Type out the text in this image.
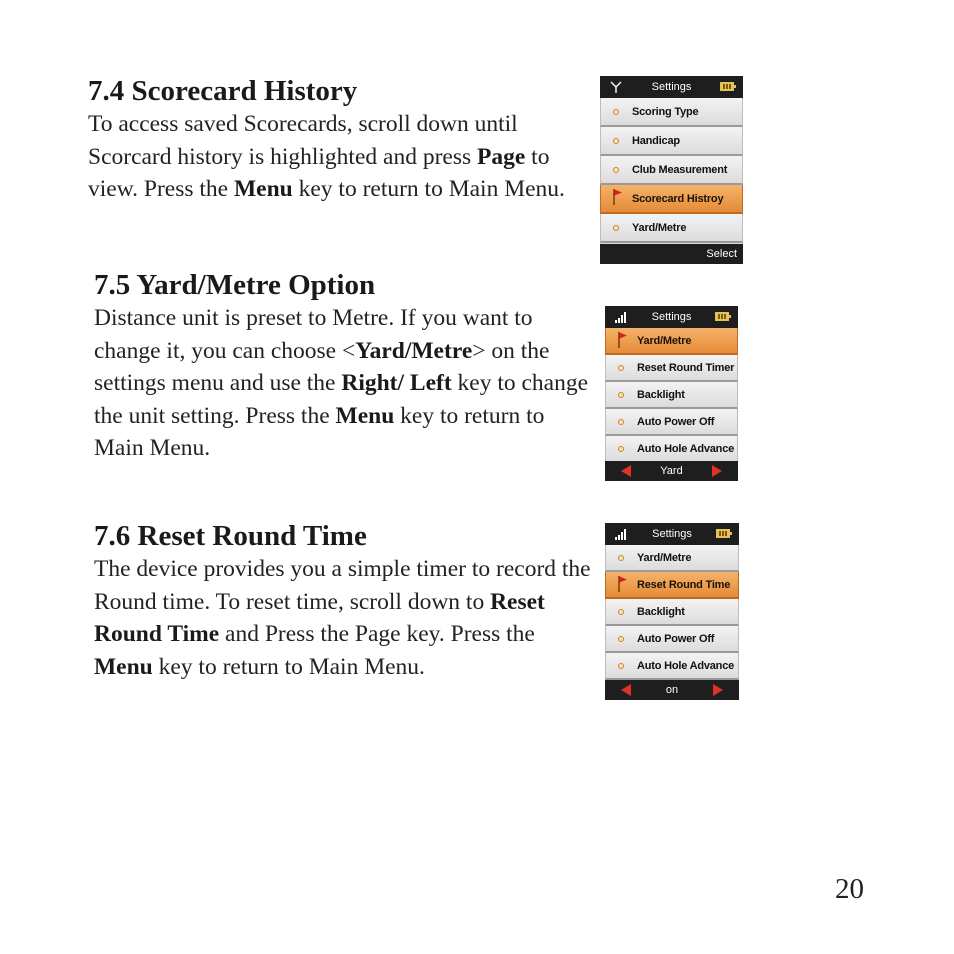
7.4 Scorecard History

To access saved Scorecards, scroll down until Scorcard history is highlighted and press Page to view. Press the Menu key to return to Main Menu.

7.5 Yard/Metre Option

Distance unit is preset to Metre. If you want to change it, you can choose <Yard/Metre> on the settings menu and use the Right/ Left key to change the unit setting. Press the Menu key to return to Main Menu.

7.6 Reset Round Time

The device provides you a simple timer to record the Round time. To reset time, scroll down to Reset Round Time and Press the Page key. Press the Menu key to return to Main Menu.

Settings
Scoring Type
Handicap
Club Measurement
Scorecard Histroy
Yard/Metre
Select
Settings
Yard/Metre
Reset Round Timer
Backlight
Auto Power Off
Auto Hole Advance
Yard
Settings
Yard/Metre
Reset Round Time
Backlight
Auto Power Off
Auto Hole Advance
on
20
